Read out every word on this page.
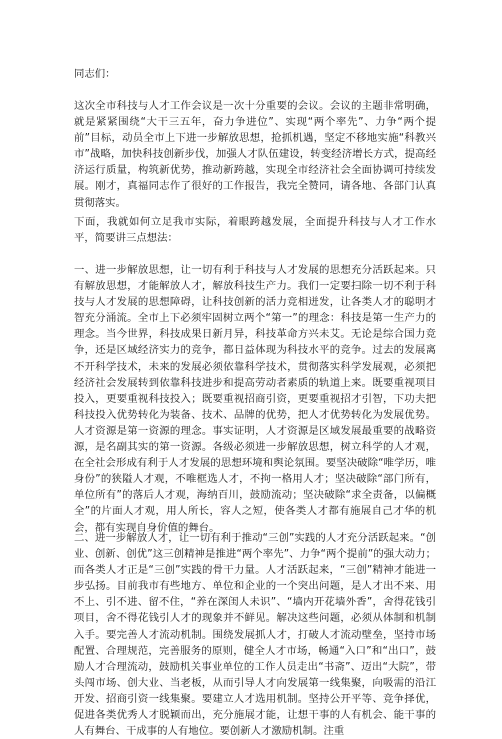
同志们：

这次全市科技与人才工作会议是一次十分重要的会议。会议的主题非常明确，就是紧紧围绕“大干三五年，奋力争进位”、实现“两个率先”、力争“两个提前”目标，动员全市上下进一步解放思想，抢抓机遇，坚定不移地实施“科教兴市”战略，加快科技创新步伐，加强人才队伍建设，转变经济增长方式，提高经济运行质量，构筑新优势，推动新跨越，实现全市经济社会全面协调可持续发展。刚才，真福同志作了很好的工作报告，我完全赞同，请各地、各部门认真贯彻落实。

下面，我就如何立足我市实际，着眼跨越发展，全面提升科技与人才工作水平，简要讲三点想法：

一、进一步解放思想，让一切有利于科技与人才发展的思想充分活跃起来。只有解放思想，才能解放人才，解放科技生产力。我们一定要扫除一切不利于科技与人才发展的思想障碍，让科技创新的活力竞相迸发，让各类人才的聪明才智充分涌流。全市上下必须牢固树立两个“第一”的理念：科技是第一生产力的理念。当今世界，科技成果日新月异，科技革命方兴未艾。无论是综合国力竞争，还是区域经济实力的竞争，都日益体现为科技水平的竞争。过去的发展离不开科学技术，未来的发展必须依靠科学技术，贯彻落实科学发展观，必须把经济社会发展转到依靠科技进步和提高劳动者素质的轨道上来。既要重视项目投入，更要重视科技投入；既要重视招商引资，更要重视招才引智，下功夫把科技投入优势转化为装备、技术、品牌的优势，把人才优势转化为发展优势。人才资源是第一资源的理念。事实证明，人才资源是区域发展最重要的战略资源，是名副其实的第一资源。各级必须进一步解放思想，树立科学的人才观，在全社会形成有利于人才发展的思想环境和舆论氛围。要坚决破除“唯学历，唯身份”的狭隘人才观，不唯框选人才，不拘一格用人才；坚决破除“部门所有，单位所有”的落后人才观，海纳百川，鼓励流动；坚决破除“求全责备，以偏概全”的片面人才观，用人所长，容人之短，使各类人才都有施展自己才华的机会，都有实现自身价值的舞台。

二、进一步解放人才，让一切有利于推动“三创”实践的人才充分活跃起来。“创业、创新、创优”这三创精神是推进“两个率先”、力争“两个提前”的强大动力；而各类人才正是“三创”实践的骨干力量。人才活跃起来，“三创”精神才能进一步弘扬。目前我市有些地方、单位和企业的一个突出问题，是人才出不来、用不上、引不进、留不住，“养在深闺人未识”、“墙内开花墙外香”，舍得花钱引项目，舍不得花钱引人才的现象并不鲜见。解决这些问题，必须从体制和机制入手。要完善人才流动机制。围绕发展抓人才，打破人才流动壁垒，坚持市场配置、合理规范，完善服务的原则，健全人才市场，畅通“入口”和“出口”，鼓励人才合理流动，鼓励机关事业单位的工作人员走出“书斋”、迈出“大院”，带头闯市场、创大业、当老板，从而引导人才向发展第一线集聚，向吸需的沿江开发、招商引资一线集聚。要建立人才选用机制。坚持公开平等、竞争择优，促进各类优秀人才脱颖而出，充分施展才能，让想干事的人有机会、能干事的人有舞台、干成事的人有地位。要创新人才激励机制。注重
